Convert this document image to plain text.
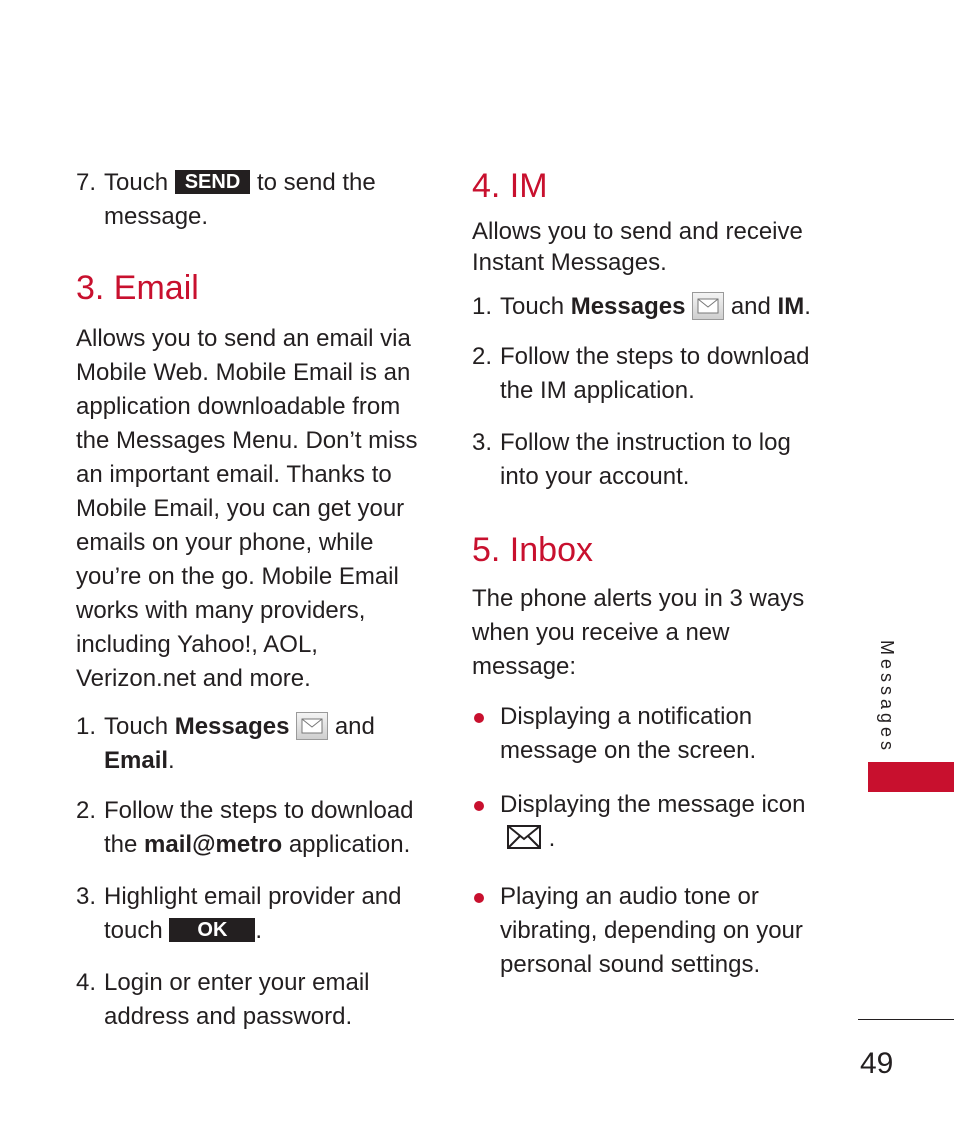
7. Touch SEND to send the
message.
3. Email

Allows you to send an email via
Mobile Web. Mobile Email is an
application downloadable from
the Messages Menu. Don’t miss
an important email. Thanks to
Mobile Email, you can get your
emails on your phone, while
you’re on the go. Mobile Email
works with many providers,
including Yahoo!, AOL,
Verizon.net and more.

1. Touch Messages and
Email.
2. Follow the steps to download
the mail@metro application.
3. Highlight email provider and
touch OK .
4. Login or enter your email
address and password.
4. IM

Allows you to send and receive
Instant Messages.

1. Touch Messages and IM.
2. Follow the steps to download
the IM application.
3. Follow the instruction to log
into your account.
5. Inbox

The phone alerts you in 3 ways
when you receive a new message:

Displaying a notification
message on the screen.
Displaying the message icon
.
Playing an audio tone or
vibrating, depending on your
personal sound settings.
Messages
49
